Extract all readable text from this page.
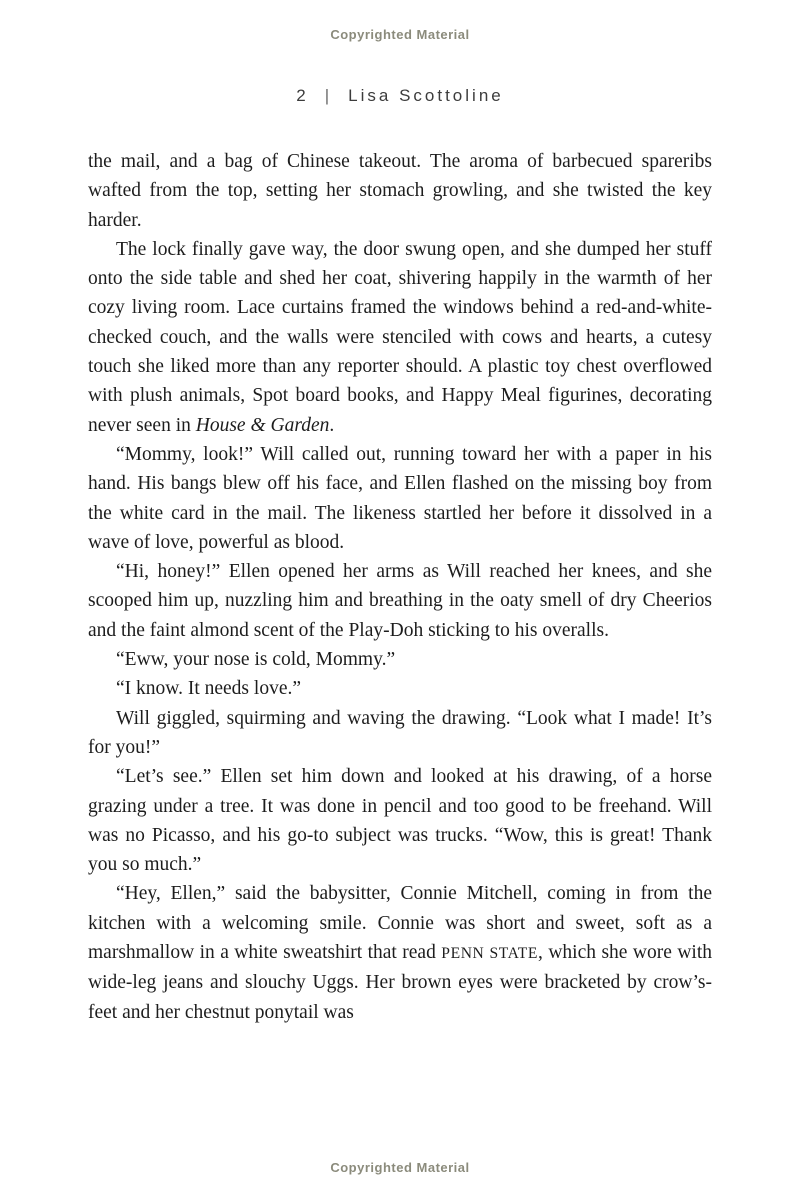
Copyrighted Material
2 | Lisa Scottoline

the mail, and a bag of Chinese takeout. The aroma of barbecued spareribs wafted from the top, setting her stomach growling, and she twisted the key harder.

The lock finally gave way, the door swung open, and she dumped her stuff onto the side table and shed her coat, shivering happily in the warmth of her cozy living room. Lace curtains framed the windows behind a red-and-white-checked couch, and the walls were stenciled with cows and hearts, a cutesy touch she liked more than any reporter should. A plastic toy chest overflowed with plush animals, Spot board books, and Happy Meal figurines, decorating never seen in House & Garden.

“Mommy, look!” Will called out, running toward her with a paper in his hand. His bangs blew off his face, and Ellen flashed on the missing boy from the white card in the mail. The likeness startled her before it dissolved in a wave of love, powerful as blood.

“Hi, honey!” Ellen opened her arms as Will reached her knees, and she scooped him up, nuzzling him and breathing in the oaty smell of dry Cheerios and the faint almond scent of the Play-Doh sticking to his overalls.

“Eww, your nose is cold, Mommy.”

“I know. It needs love.”

Will giggled, squirming and waving the drawing. “Look what I made! It’s for you!”

“Let’s see.” Ellen set him down and looked at his drawing, of a horse grazing under a tree. It was done in pencil and too good to be freehand. Will was no Picasso, and his go-to subject was trucks. “Wow, this is great! Thank you so much.”

“Hey, Ellen,” said the babysitter, Connie Mitchell, coming in from the kitchen with a welcoming smile. Connie was short and sweet, soft as a marshmallow in a white sweatshirt that read PENN STATE, which she wore with wide-leg jeans and slouchy Uggs. Her brown eyes were bracketed by crow’s-feet and her chestnut ponytail was

Copyrighted Material
